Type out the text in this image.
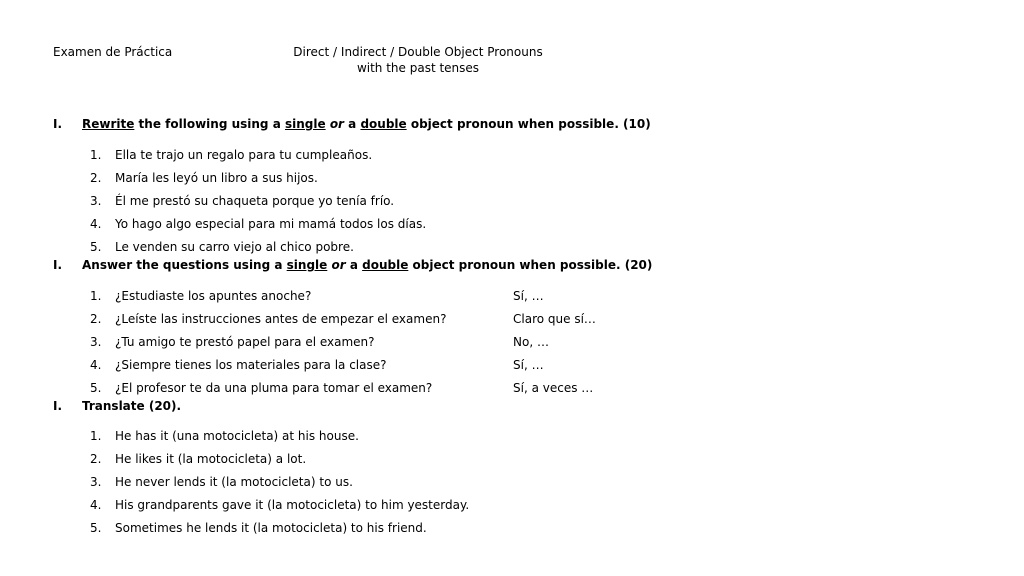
Examen de Práctica	Direct / Indirect / Double Object Pronouns
with the past tenses
I. Rewrite the following using a single or a double object pronoun when possible. (10)
1. Ella te trajo un regalo para tu cumpleaños.
2. María les leyó un libro a sus hijos.
3. Él me prestó su chaqueta porque yo tenía frío.
4. Yo hago algo especial para mi mamá todos los días.
5. Le venden su carro viejo al chico pobre.
I. Answer the questions using a single or a double object pronoun when possible. (20)
1. ¿Estudiaste los apuntes anoche?	Sí, …
2. ¿Leíste las instrucciones antes de empezar el examen?	Claro que sí…
3. ¿Tu amigo te prestó papel para el examen?	No, …
4. ¿Siempre tienes los materiales para la clase?	Sí, …
5. ¿El profesor te da una pluma para tomar el examen?	Sí, a veces …
I. Translate (20).
1. He has it (una motocicleta) at his house.
2. He likes it (la motocicleta) a lot.
3. He never lends it (la motocicleta) to us.
4. His grandparents gave it (la motocicleta) to him yesterday.
5. Sometimes he lends it (la motocicleta) to his friend.
